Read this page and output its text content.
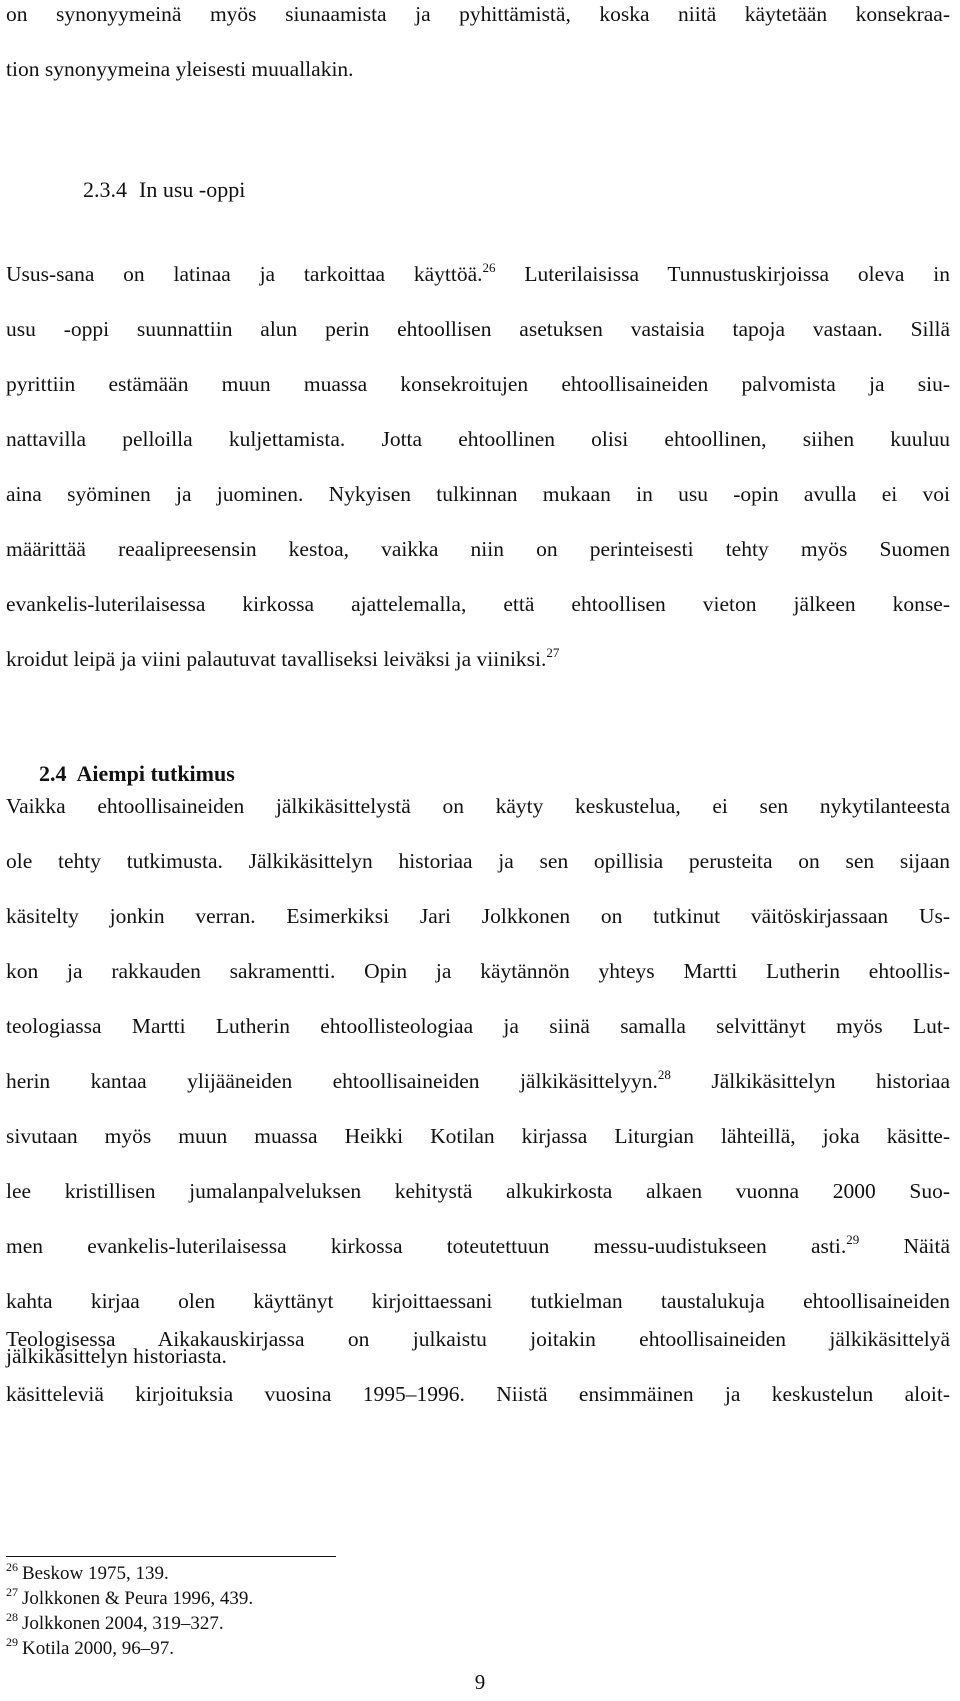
on synonyymeinä myös siunaamista ja pyhittämistä, koska niitä käytetään konsekraa-
tion synonyymeina yleisesti muuallakin.
2.3.4 In usu -oppi
Usus-sana on latinaa ja tarkoittaa käyttöä.$^{26}$ Luterilaisissa Tunnustuskirjoissa oleva in
usu -oppi suunnattiin alun perin ehtoollisen asetuksen vastaisia tapoja vastaan. Sillä
pyrittiin estämään muun muassa konsekroitujen ehtoollisaineiden palvomista ja siu-
nattavilla pelloilla kuljettamista. Jotta ehtoollinen olisi ehtoollinen, siihen kuuluu
aina syöminen ja juominen. Nykyisen tulkinnan mukaan in usu -opin avulla ei voi
määrittää reaalipreesensin kestoa, vaikka niin on perinteisesti tehty myös Suomen
evankelis-luterilaisessa kirkossa ajattelemalla, että ehtoollisen vieton jälkeen konse-
kroidut leipä ja viini palautuvat tavalliseksi leiväksi ja viiniksi.$^{27}$
2.4 Aiempi tutkimus
Vaikka ehtoollisaineiden jälkikäsittelystä on käyty keskustelua, ei sen nykytilanteesta
ole tehty tutkimusta. Jälkikäsittelyn historiaa ja sen opillisia perusteita on sen sijaan
käsitelty jonkin verran. Esimerkiksi Jari Jolkkonen on tutkinut väitöskirjassaan Us-
kon ja rakkauden sakramentti. Opin ja käytännön yhteys Martti Lutherin ehtoollis-
teologiassa Martti Lutherin ehtoollisteologiaa ja siinä samalla selvittänyt myös Lut-
herin kantaa ylijääneiden ehtoollisaineiden jälkikäsittelyyn.$^{28}$ Jälkikäsittelyn historiaa
sivutaan myös muun muassa Heikki Kotilan kirjassa Liturgian lähteillä, joka käsitte-
lee kristillisen jumalanpalveluksen kehitystä alkukirkosta alkaen vuonna 2000 Suo-
men evankelis-luterilaisessa kirkossa toteutettuun messu-uudistukseen asti.$^{29}$ Näitä
kahta kirjaa olen käyttänyt kirjoittaessani tutkielman taustalukuja ehtoollisaineiden
jälkikäsittelyn historiasta.
Teologisessa Aikakauskirjassa on julkaistu joitakin ehtoollisaineiden jälkikäsittelyä
käsitteleviä kirjoituksia vuosina 1995–1996. Niistä ensimmäinen ja keskustelun aloit-
$^{26}$ Beskow 1975, 139.
$^{27}$ Jolkkonen & Peura 1996, 439.
$^{28}$ Jolkkonen 2004, 319–327.
$^{29}$ Kotila 2000, 96–97.
9
